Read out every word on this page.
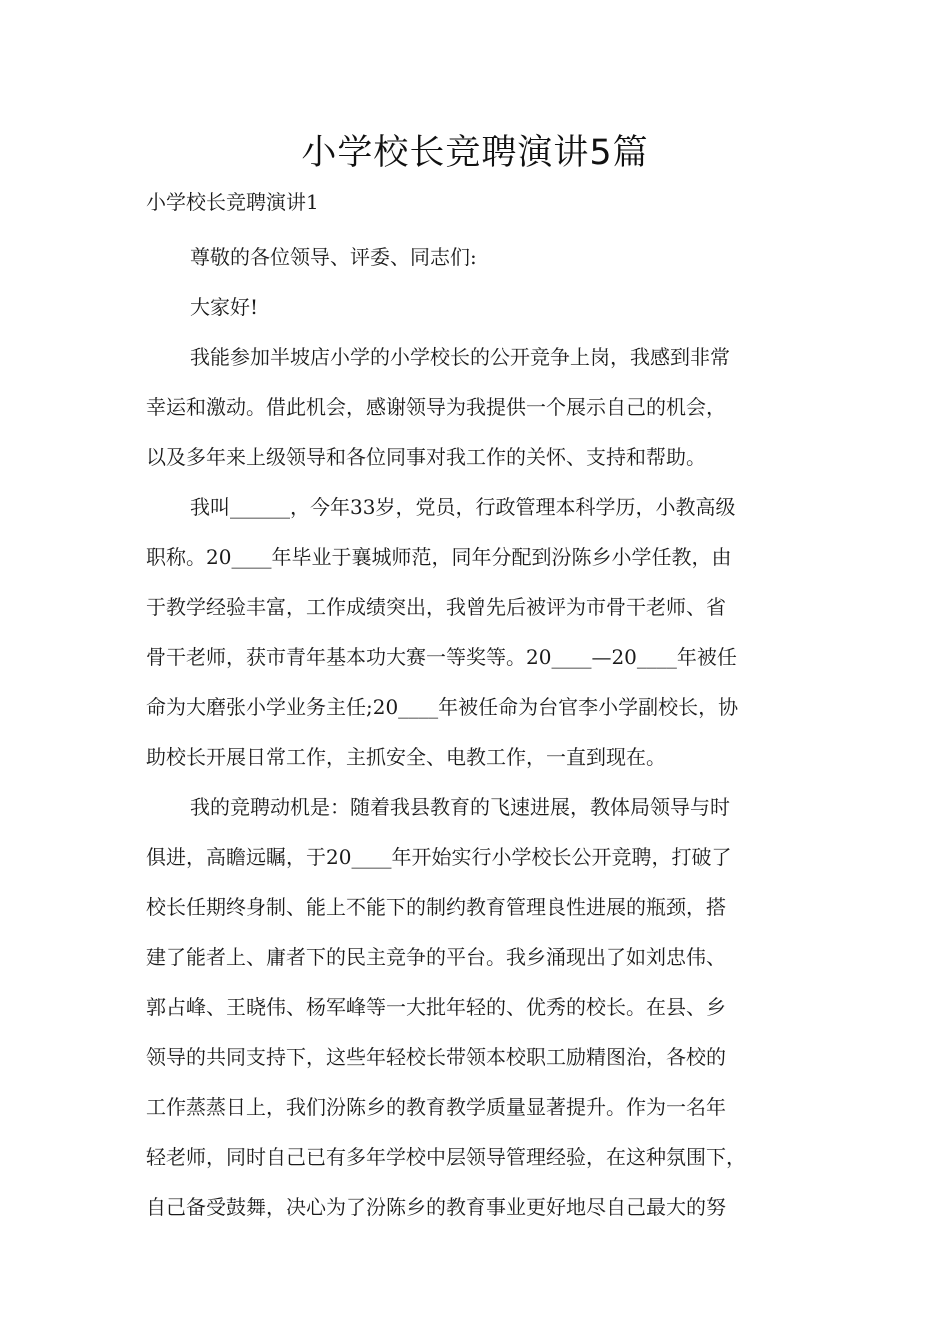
小学校长竞聘演讲5篇

小学校长竞聘演讲1

尊敬的各位领导、评委、同志们:

大家好!

我能参加半坡店小学的小学校长的公开竞争上岗，我感到非常

幸运和激动。借此机会，感谢领导为我提供一个展示自己的机会，

以及多年来上级领导和各位同事对我工作的关怀、支持和帮助。

我叫______，今年33岁，党员，行政管理本科学历，小教高级

职称。20____年毕业于襄城师范，同年分配到汾陈乡小学任教，由

于教学经验丰富，工作成绩突出，我曾先后被评为市骨干老师、省

骨干老师，获市青年基本功大赛一等奖等。20____—20____年被任

命为大磨张小学业务主任;20____年被任命为台官李小学副校长，协

助校长开展日常工作，主抓安全、电教工作，一直到现在。

我的竞聘动机是：随着我县教育的飞速进展，教体局领导与时

俱进，高瞻远瞩，于20____年开始实行小学校长公开竞聘，打破了

校长任期终身制、能上不能下的制约教育管理良性进展的瓶颈，搭

建了能者上、庸者下的民主竞争的平台。我乡涌现出了如刘忠伟、

郭占峰、王晓伟、杨军峰等一大批年轻的、优秀的校长。在县、乡

领导的共同支持下，这些年轻校长带领本校职工励精图治，各校的

工作蒸蒸日上，我们汾陈乡的教育教学质量显著提升。作为一名年

轻老师，同时自己已有多年学校中层领导管理经验，在这种氛围下，

自己备受鼓舞，决心为了汾陈乡的教育事业更好地尽自己最大的努
